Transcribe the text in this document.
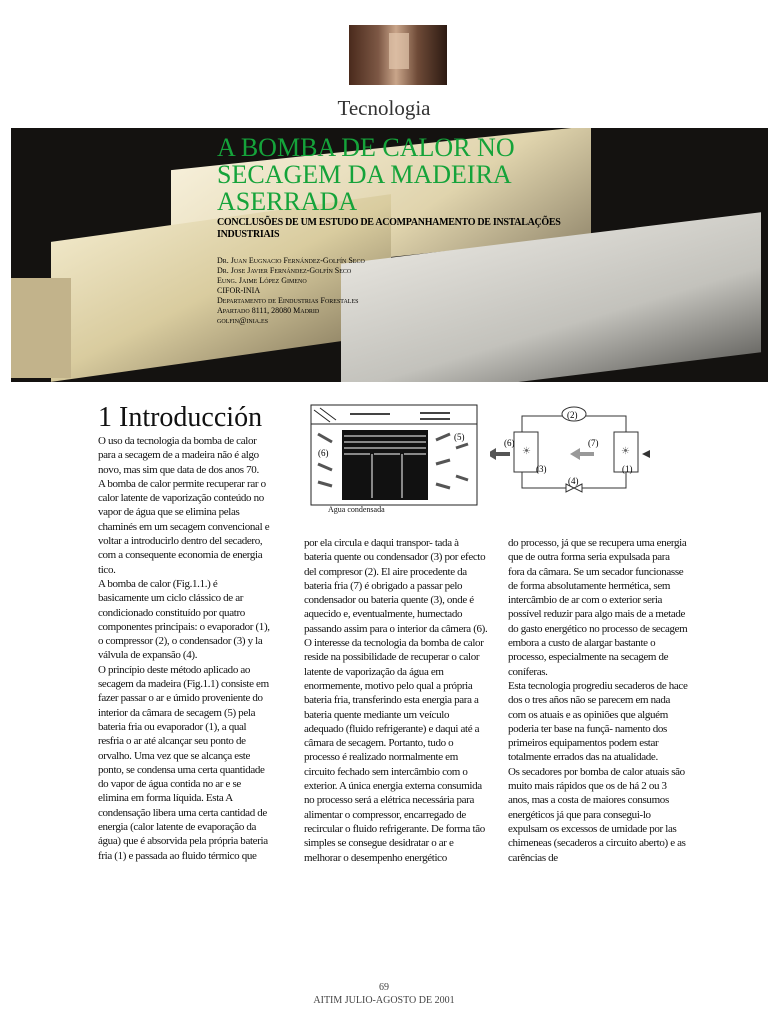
Tecnologia
A BOMBA DE CALOR NO
SECAGEM DA MADEIRA
ASERRADA

CONCLUSÕES DE UM ESTUDO DE ACOMPANHAMENTO DE INSTALAÇÕES INDUSTRIAIS

Dr. Juan Eugnacio Fernández-Golfín Seco
Dr. Jose Javier Fernández-Golfín Seco
Eung. Jaime López Gimeno
CIFOR-INIA
Departamento de Eindustrias Forestales
Apartado 8111, 28080 Madrid
golfin@inia.es
1 Introducción
(5)
(6)
Agua condensada
(2)
☀	☀
(6)	(7)
(3)	(1)
(4)

O uso da tecnologia da bomba de calor para a secagem de a madeira não é algo novo, mas sim que data de dos anos 70.

A bomba de calor permite recuperar rar o calor latente de vaporização conteúdo no vapor de água que se elimina pelas chaminés em um secagem convencional e voltar a introducirlo dentro del secadero, com a consequente economia de energia tico.

A bomba de calor (Fig.1.1.) é basicamente um ciclo clássico de ar condicionado constituído por quatro componentes principais: o evaporador (1), o compressor (2), o condensador (3) y la válvula de expansão (4).

O princípio deste método aplicado ao secagem da madeira (Fig.1.1) consiste em fazer passar o ar e úmido proveniente do interior da câmara de secagem (5) pela bateria fria ou evaporador (1), a qual resfria o ar até alcançar seu ponto de orvalho. Uma vez que se alcança este ponto, se condensa uma certa quantidade do vapor de água contida no ar e se elimina em forma líquida. Esta A condensação libera uma certa cantidad de energia (calor latente de evaporação da água) que é absorvida pela própria bateria fria (1) e passada ao fluido térmico que

por ela circula e daqui transpor- tada à bateria quente ou condensador (3) por efecto del compresor (2). El aire procedente da bateria fria (7) é obrigado a passar pelo condensador ou bateria quente (3), onde é aquecido e, eventualmente, humectado passando assim para o interior da câmera (6).

O interesse da tecnologia da bomba de calor reside na possibilidade de recuperar o calor latente de vaporização da água em enormemente, motivo pelo qual a própria bateria fria, transferindo esta energia para a bateria quente mediante um veículo adequado (fluido refrigerante) e daqui até a câmara de secagem. Portanto, tudo o processo é realizado normalmente em circuito fechado sem intercâmbio com o exterior. A única energia externa consumida no processo será a elétrica necessária para alimentar o compressor, encarregado de recircular o fluido refrigerante. De forma tão simples se consegue desidratar o ar e melhorar o desempenho energético

do processo, já que se recupera uma energia que de outra forma seria expulsada para fora da câmara. Se um secador funcionasse de forma absolutamente hermética, sem intercâmbio de ar com o exterior seria possível reduzir para algo mais de a metade do gasto energético no processo de secagem embora a custo de alargar bastante o processo, especialmente na secagem de coníferas.

Esta tecnologia progrediu secaderos de hace dos o tres años não se parecem em nada com os atuais e as opiniões que alguém poderia ter base na funçã- namento dos primeiros equipamentos podem estar totalmente errados das na atualidade.

Os secadores por bomba de calor atuais são muito mais rápidos que os de há 2 ou 3 anos, mas a costa de maiores consumos energéticos já que para consegui-lo expulsam os excessos de umidade por las chimeneas (secaderos a circuito aberto) e as carências de

69
AITIM JULIO-AGOSTO DE 2001
